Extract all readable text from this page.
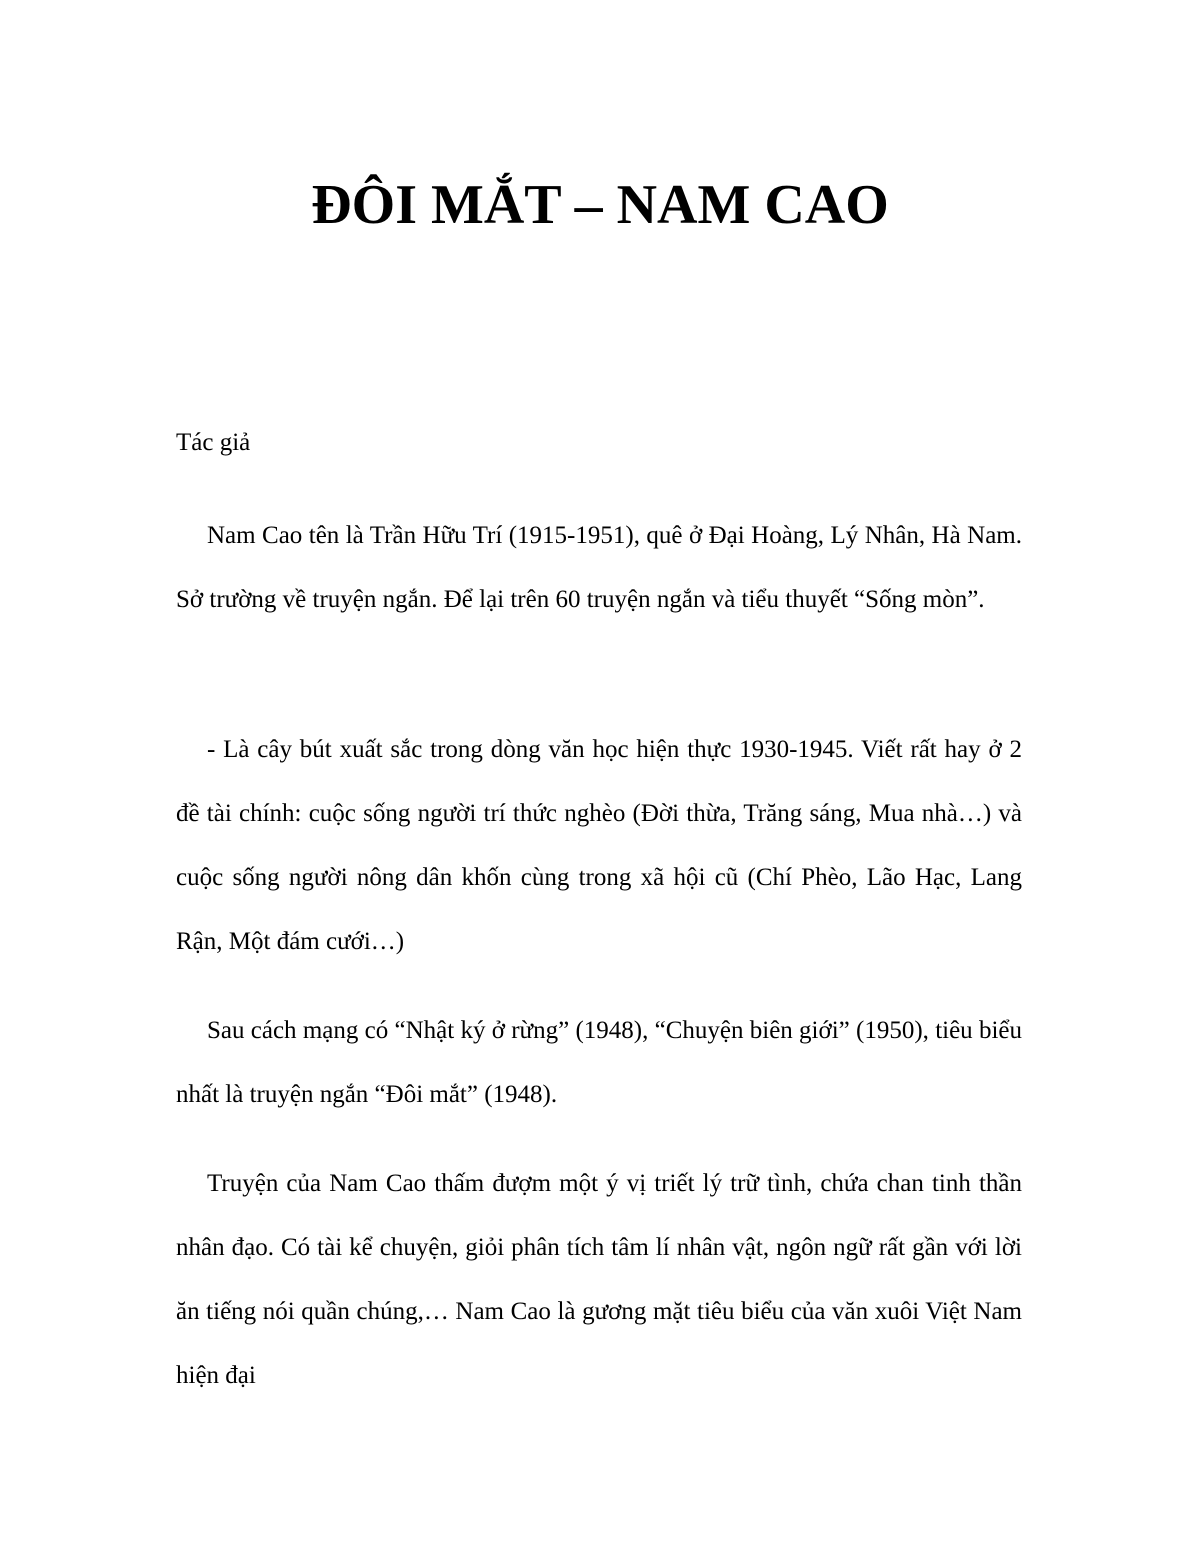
ĐÔI MẮT – NAM CAO
Tác giả

Nam Cao tên là Trần Hữu Trí (1915-1951), quê ở Đại Hoàng, Lý Nhân, Hà Nam. Sở trường về truyện ngắn. Để lại trên 60 truyện ngắn và tiểu thuyết “Sống mòn”.

- Là cây bút xuất sắc trong dòng văn học hiện thực 1930-1945. Viết rất hay ở 2 đề tài chính: cuộc sống người trí thức nghèo (Đời thừa, Trăng sáng, Mua nhà…) và cuộc sống người nông dân khốn cùng trong xã hội cũ (Chí Phèo, Lão Hạc, Lang Rận, Một đám cưới…)

Sau cách mạng có “Nhật ký ở rừng” (1948), “Chuyện biên giới” (1950), tiêu biểu nhất là truyện ngắn “Đôi mắt” (1948).

Truyện của Nam Cao thấm đượm một ý vị triết lý trữ tình, chứa chan tinh thần nhân đạo. Có tài kể chuyện, giỏi phân tích tâm lí nhân vật, ngôn ngữ rất gần với lời ăn tiếng nói quần chúng,… Nam Cao là gương mặt tiêu biểu của văn xuôi Việt Nam hiện đại
